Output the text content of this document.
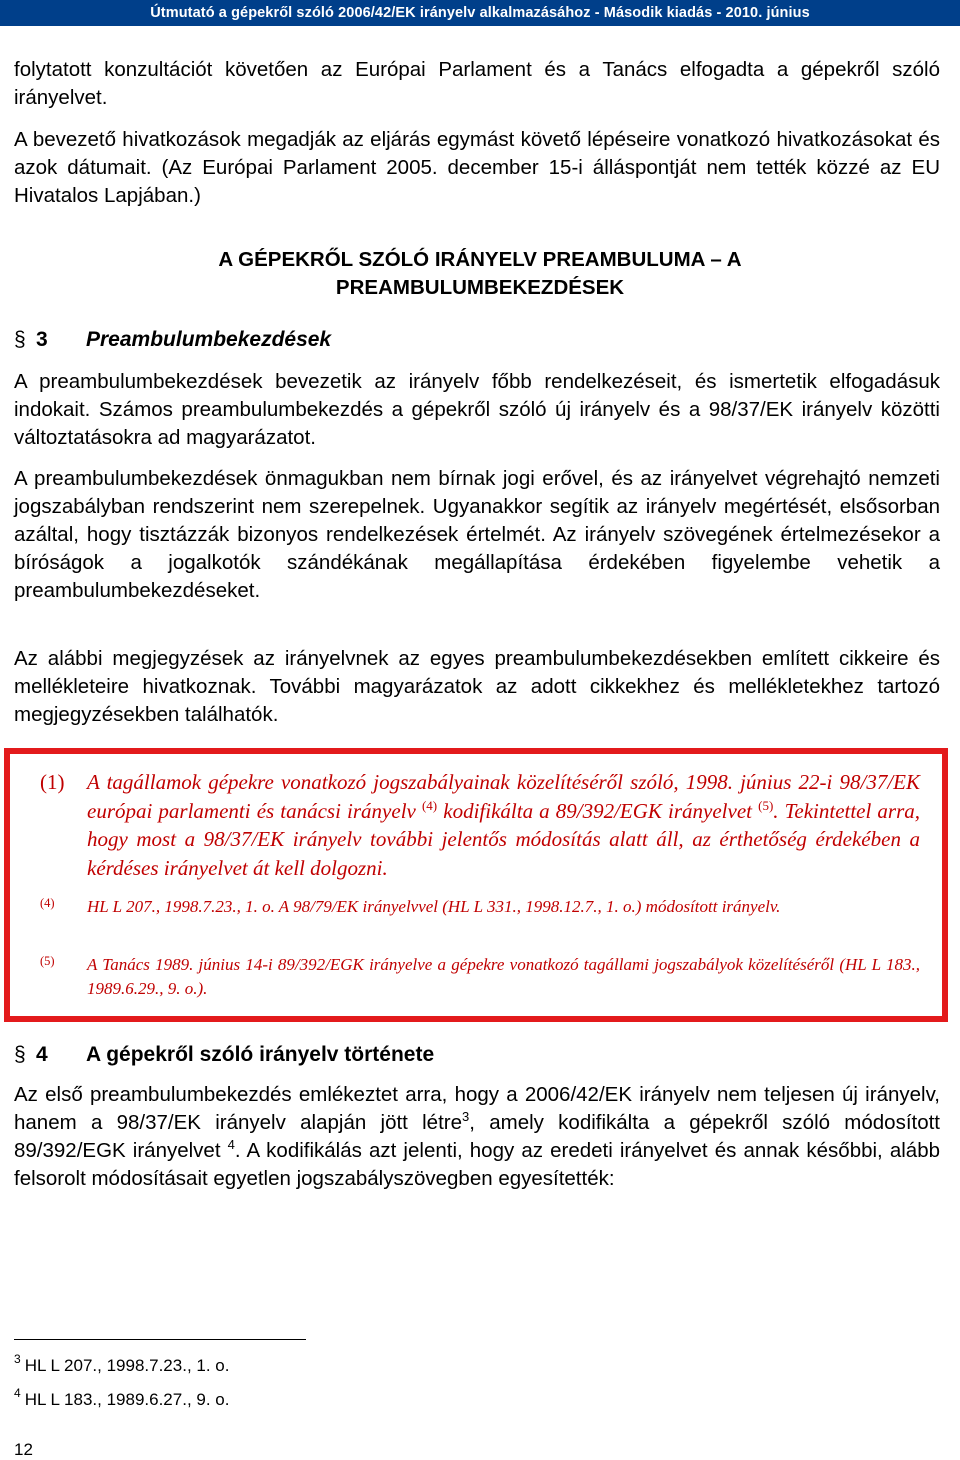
Útmutató a gépekről szóló 2006/42/EK irányelv alkalmazásához - Második kiadás - 2010. június
folytatott konzultációt követően az Európai Parlament és a Tanács elfogadta a gépekről szóló irányelvet.
A bevezető hivatkozások megadják az eljárás egymást követő lépéseire vonatkozó hivatkozásokat és azok dátumait. (Az Európai Parlament 2005. december 15-i álláspontját nem tették közzé az EU Hivatalos Lapjában.)
A GÉPEKRŐL SZÓLÓ IRÁNYELV PREAMBULUMA – A PREAMBULUMBEKEZDÉSEK
§ 3 Preambulumbekezdések
A preambulumbekezdések bevezetik az irányelv főbb rendelkezéseit, és ismertetik elfogadásuk indokait. Számos preambulumbekezdés a gépekről szóló új irányelv és a 98/37/EK irányelv közötti változtatásokra ad magyarázatot.
A preambulumbekezdések önmagukban nem bírnak jogi erővel, és az irányelvet végrehajtó nemzeti jogszabályban rendszerint nem szerepelnek. Ugyanakkor segítik az irányelv megértését, elsősorban azáltal, hogy tisztázzák bizonyos rendelkezések értelmét. Az irányelv szövegének értelmezésekor a bíróságok a jogalkotók szándékának megállapítása érdekében figyelembe vehetik a preambulumbekezdéseket.
Az alábbi megjegyzések az irányelvnek az egyes preambulumbekezdésekben említett cikkeire és mellékleteire hivatkoznak. További magyarázatok az adott cikkekhez és mellékletekhez tartozó megjegyzésekben találhatók.
(1)	A tagállamok gépekre vonatkozó jogszabályainak közelítéséről szóló, 1998. június 22-i 98/37/EK európai parlamenti és tanácsi irányelv $^{(4)}$ kodifikálta a 89/392/EGK irányelvet $^{(5)}$. Tekintettel arra, hogy most a 98/37/EK irányelv további jelentős módosítás alatt áll, az érthetőség érdekében a kérdéses irányelvet át kell dolgozni.
(4)	HL L 207., 1998.7.23., 1. o. A 98/79/EK irányelvvel (HL L 331., 1998.12.7., 1. o.) módosított irányelv.
(5)	A Tanács 1989. június 14-i 89/392/EGK irányelve a gépekre vonatkozó tagállami jogszabályok közelítéséről (HL L 183., 1989.6.29., 9. o.).
§ 4 A gépekről szóló irányelv története
Az első preambulumbekezdés emlékeztet arra, hogy a 2006/42/EK irányelv nem teljesen új irányelv, hanem a 98/37/EK irányelv alapján jött létre$^3$, amely kodifikálta a gépekről szóló módosított 89/392/EGK irányelvet $^4$. A kodifikálás azt jelenti, hogy az eredeti irányelvet és annak későbbi, alább felsorolt módosításait egyetlen jogszabályszövegben egyesítették:
$^3$ HL L 207., 1998.7.23., 1. o.
$^4$ HL L 183., 1989.6.27., 9. o.
12
